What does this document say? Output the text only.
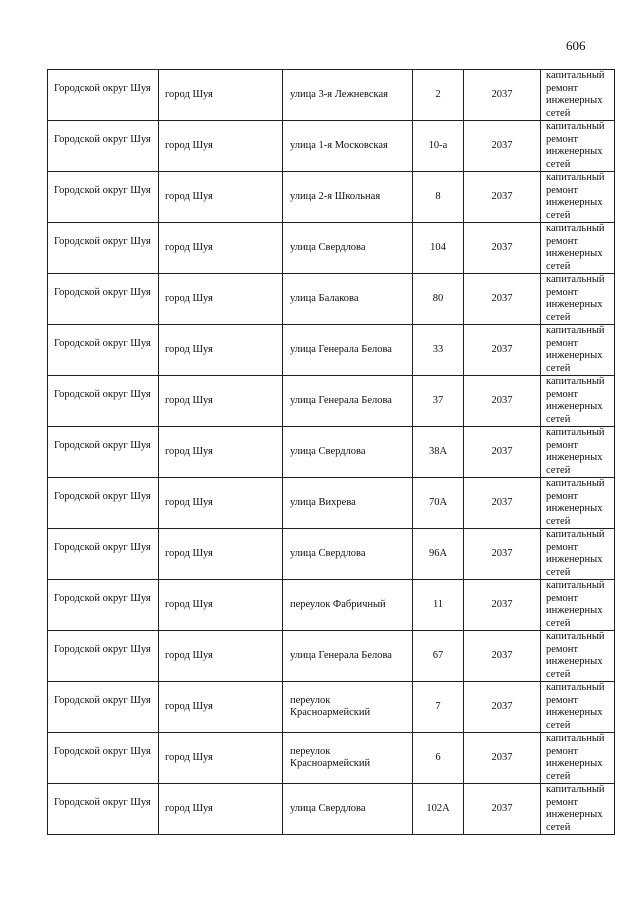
606
Городской округ Шуя	город Шуя	улица 3-я Лежневская	2	2037	капитальный ремонт инженерных сетей
Городской округ Шуя	город Шуя	улица 1-я Московская	10-а	2037	капитальный ремонт инженерных сетей
Городской округ Шуя	город Шуя	улица 2-я Школьная	8	2037	капитальный ремонт инженерных сетей
Городской округ Шуя	город Шуя	улица Свердлова	104	2037	капитальный ремонт инженерных сетей
Городской округ Шуя	город Шуя	улица Балакова	80	2037	капитальный ремонт инженерных сетей
Городской округ Шуя	город Шуя	улица Генерала Белова	33	2037	капитальный ремонт инженерных сетей
Городской округ Шуя	город Шуя	улица Генерала Белова	37	2037	капитальный ремонт инженерных сетей
Городской округ Шуя	город Шуя	улица Свердлова	38А	2037	капитальный ремонт инженерных сетей
Городской округ Шуя	город Шуя	улица Вихрева	70А	2037	капитальный ремонт инженерных сетей
Городской округ Шуя	город Шуя	улица Свердлова	96А	2037	капитальный ремонт инженерных сетей
Городской округ Шуя	город Шуя	переулок Фабричный	11	2037	капитальный ремонт инженерных сетей
Городской округ Шуя	город Шуя	улица Генерала Белова	67	2037	капитальный ремонт инженерных сетей
Городской округ Шуя	город Шуя	переулок Красноармейский	7	2037	капитальный ремонт инженерных сетей
Городской округ Шуя	город Шуя	переулок Красноармейский	6	2037	капитальный ремонт инженерных сетей
Городской округ Шуя	город Шуя	улица Свердлова	102А	2037	капитальный ремонт инженерных сетей
